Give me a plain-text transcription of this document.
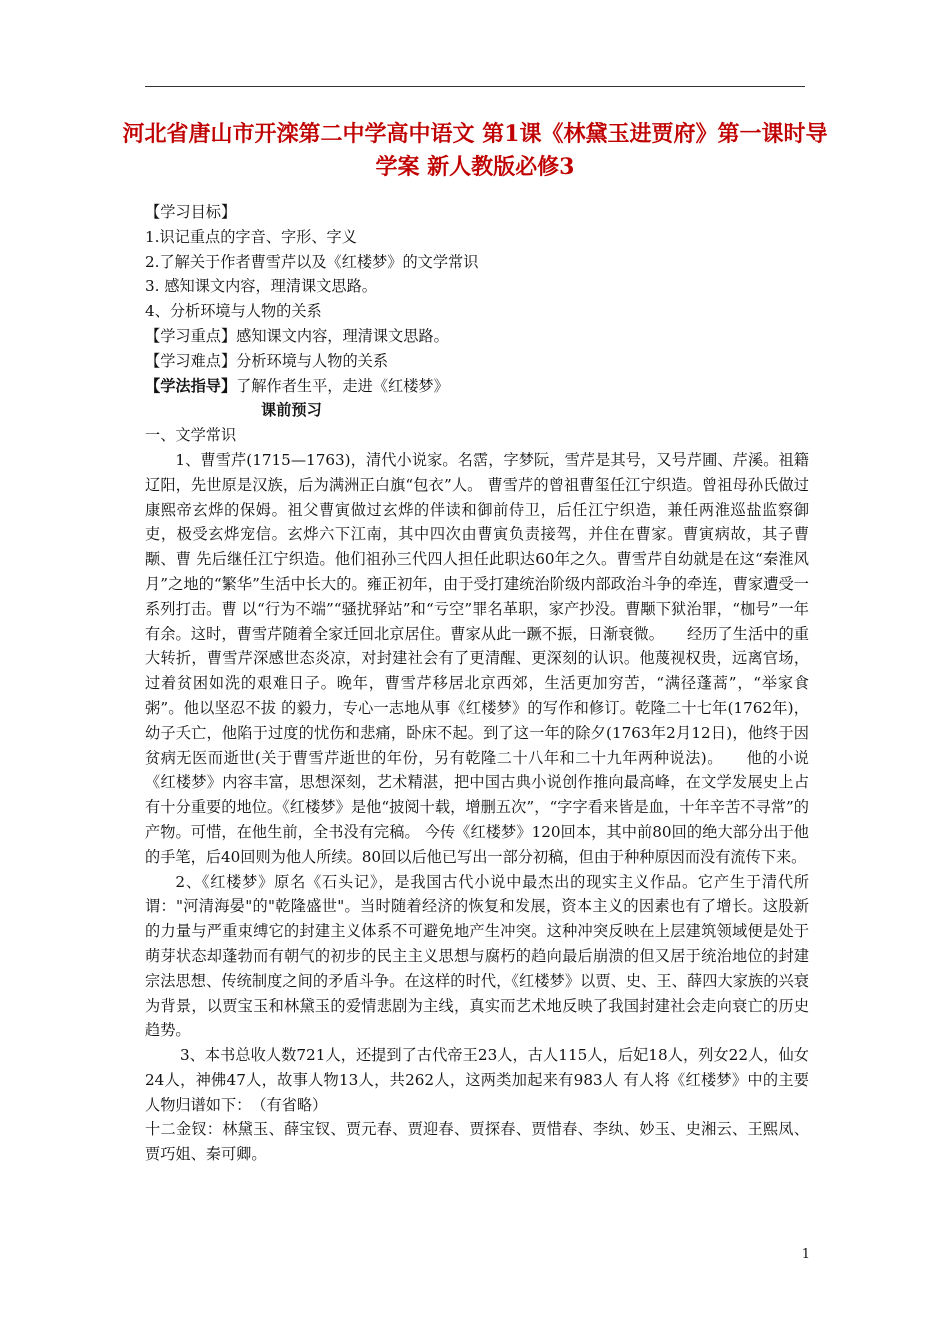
河北省唐山市开滦第二中学高中语文 第1课《林黛玉进贾府》第一课时导学案 新人教版必修3

【学习目标】

1.识记重点的字音、字形、字义

2.了解关于作者曹雪芹以及《红楼梦》的文学常识

3. 感知课文内容，理清课文思路。

4、分析环境与人物的关系

【学习重点】感知课文内容，理清课文思路。

【学习难点】分析环境与人物的关系

【学法指导】了解作者生平，走进《红楼梦》

课前预习

一、文学常识

1、曹雪芹(1715—1763)，清代小说家。名霑，字梦阮，雪芹是其号，又号芹圃、芹溪。祖籍辽阳，先世原是汉族，后为满洲正白旗“包衣”人。 曹雪芹的曾祖曹玺任江宁织造。曾祖母孙氏做过康熙帝玄烨的保姆。祖父曹寅做过玄烨的伴读和御前侍卫，后任江宁织造，兼任两淮巡盐监察御吏，极受玄烨宠信。玄烨六下江南，其中四次由曹寅负责接驾，并住在曹家。曹寅病故，其子曹颙、曹 先后继任江宁织造。他们祖孙三代四人担任此职达60年之久。曹雪芹自幼就是在这“秦淮风月”之地的“繁华”生活中长大的。雍正初年，由于受打建统治阶级内部政治斗争的牵连，曹家遭受一系列打击。曹 以“行为不端”“骚扰驿站”和“亏空”罪名革职，家产抄没。曹颙下狱治罪，“枷号”一年有余。这时，曹雪芹随着全家迁回北京居住。曹家从此一蹶不振，日渐衰微。　　经历了生活中的重大转折，曹雪芹深感世态炎凉，对封建社会有了更清醒、更深刻的认识。他蔑视权贵，远离官场，过着贫困如洗的艰难日子。晚年，曹雪芹移居北京西郊，生活更加穷苦，“满径蓬蒿”，“举家食粥”。他以坚忍不拔 的毅力，专心一志地从事《红楼梦》的写作和修订。乾隆二十七年(1762年)，幼子夭亡，他陷于过度的忧伤和悲痛，卧床不起。到了这一年的除夕(1763年2月12日)，他终于因贫病无医而逝世(关于曹雪芹逝世的年份，另有乾隆二十八年和二十九年两种说法)。　　他的小说《红楼梦》内容丰富，思想深刻，艺术精湛，把中国古典小说创作推向最高峰，在文学发展史上占有十分重要的地位。《红楼梦》是他“披阅十载，增删五次”，“字字看来皆是血，十年辛苦不寻常”的产物。可惜，在他生前，全书没有完稿。 今传《红楼梦》120回本，其中前80回的绝大部分出于他的手笔，后40回则为他人所续。80回以后他已写出一部分初稿，但由于种种原因而没有流传下来。

2、《红楼梦》原名《石头记》，是我国古代小说中最杰出的现实主义作品。它产生于清代所谓："河清海晏"的"乾隆盛世"。当时随着经济的恢复和发展，资本主义的因素也有了增长。这股新的力量与严重束缚它的封建主义体系不可避免地产生冲突。这种冲突反映在上层建筑领域便是处于萌芽状态却蓬勃而有朝气的初步的民主主义思想与腐朽的趋向最后崩溃的但又居于统治地位的封建宗法思想、传统制度之间的矛盾斗争。在这样的时代，《红楼梦》以贾、史、王、薛四大家族的兴衰为背景，以贾宝玉和林黛玉的爱情悲剧为主线，真实而艺术地反映了我国封建社会走向衰亡的历史趋势。

3、本书总收人数721人，还提到了古代帝王23人，古人115人，后妃18人，列女22人，仙女24人，神佛47人，故事人物13人，共262人，这两类加起来有983人 有人将《红楼梦》中的主要人物归谱如下：　（有省略）

十二金钗：林黛玉、薛宝钗、贾元春、贾迎春、贾探春、贾惜春、李纨、妙玉、史湘云、王熙凤、贾巧姐、秦可卿。

1
